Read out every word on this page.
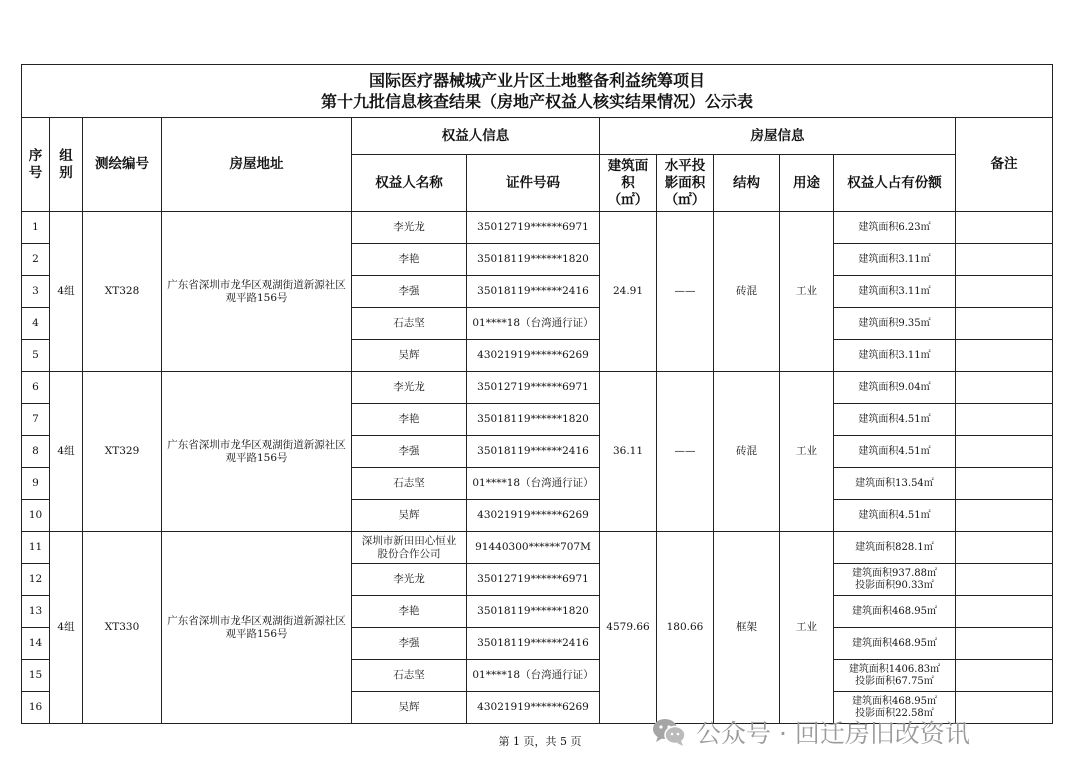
国际医疗器械城产业片区土地整备利益统筹项目
第十九批信息核查结果（房地产权益人核实结果情况）公示表											

序号	组别	测绘编号	房屋地址	权益人信息		房屋信息					备注
				权益人名称	证件号码	建筑面积（㎡）	水平投影面积（㎡）	结构	用途	权益人占有份额	
1	4组	XT328	广东省深圳市龙华区观湖街道新源社区观平路156号	李光龙	35012719******6971	24.91	——	砖混	工业	建筑面积6.23㎡	
2				李艳	35018119******1820					建筑面积3.11㎡	
3				李强	35018119******2416					建筑面积3.11㎡	
4				石志坚	01****18（台湾通行证）					建筑面积9.35㎡	
5				吴辉	43021919******6269					建筑面积3.11㎡	
6	4组	XT329	广东省深圳市龙华区观湖街道新源社区观平路156号	李光龙	35012719******6971	36.11	——	砖混	工业	建筑面积9.04㎡	
7				李艳	35018119******1820					建筑面积4.51㎡	
8				李强	35018119******2416					建筑面积4.51㎡	
9				石志坚	01****18（台湾通行证）					建筑面积13.54㎡	
10				吴辉	43021919******6269					建筑面积4.51㎡	
11	4组	XT330	广东省深圳市龙华区观湖街道新源社区观平路156号	深圳市新田田心恒业股份合作公司	91440300******707M	4579.66	180.66	框架	工业	建筑面积828.1㎡	
12				李光龙	35012719******6971					建筑面积937.88㎡
投影面积90.33㎡	
13				李艳	35018119******1820					建筑面积468.95㎡	
14				李强	35018119******2416					建筑面积468.95㎡	
15				石志坚	01****18（台湾通行证）					建筑面积1406.83㎡
投影面积67.75㎡	
16				吴辉	43021919******6269					建筑面积468.95㎡
投影面积22.58㎡	
第 1 页，共 5 页	公众号 · 回迁房旧改资讯
